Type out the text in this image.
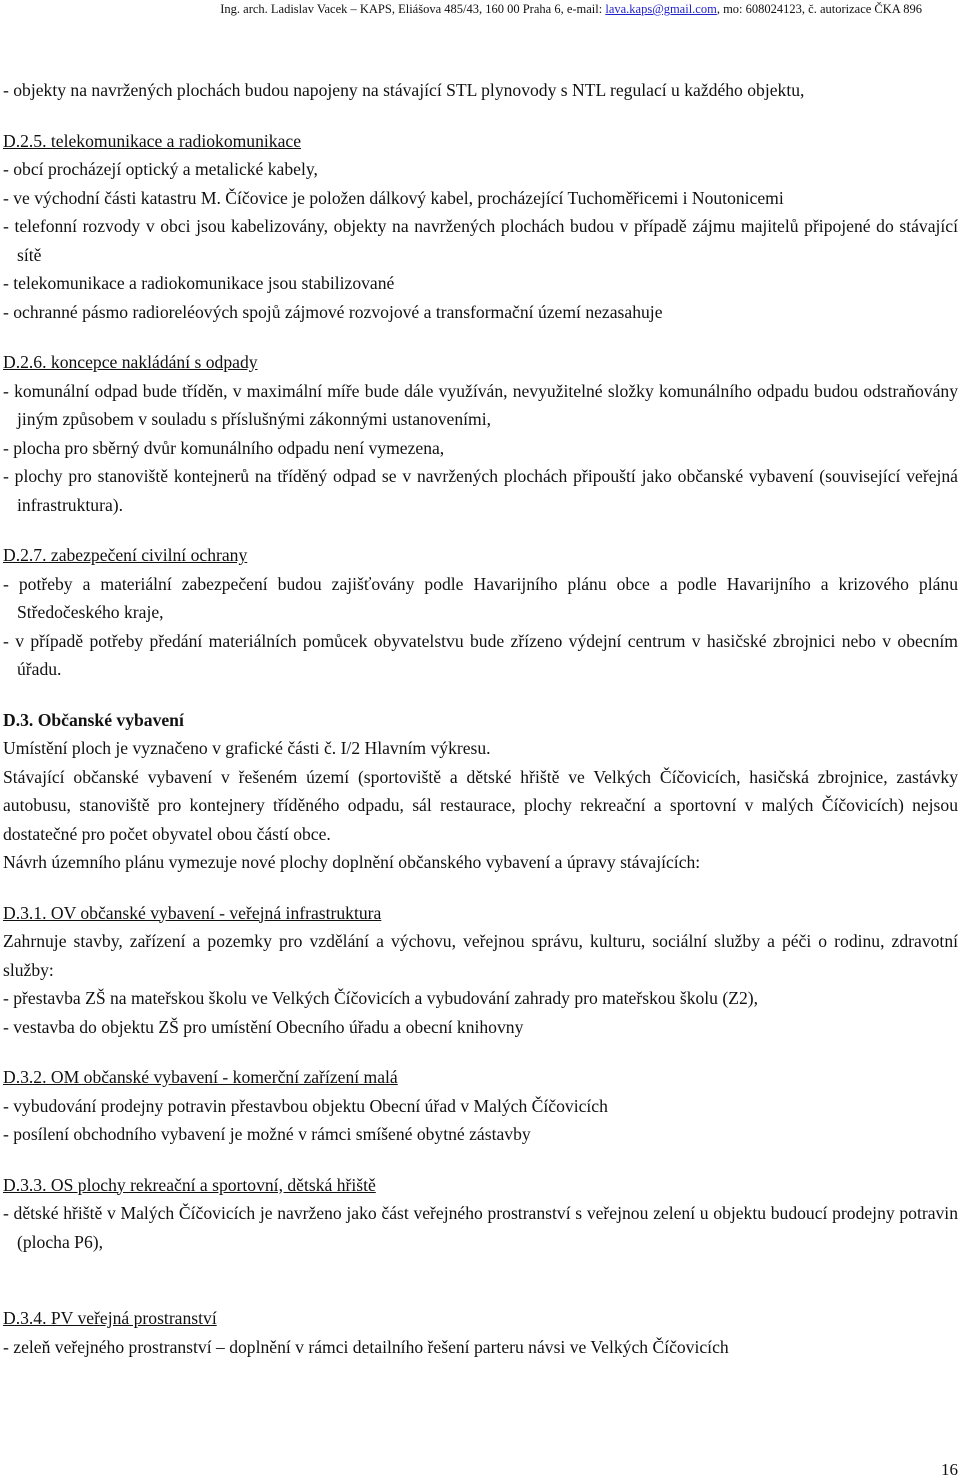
Ing. arch. Ladislav Vacek – KAPS, Eliášova 485/43, 160 00 Praha 6, e-mail: lava.kaps@gmail.com, mo: 608024123, č. autorizace ČKA 896

- objekty na navržených plochách budou napojeny na stávající STL plynovody s NTL regulací u každého objektu,

D.2.5. telekomunikace a radiokomunikace

- obcí procházejí optický a metalické kabely,

- ve východní části katastru M. Číčovice je položen dálkový kabel, procházející Tuchoměřicemi i Noutonicemi

- telefonní rozvody v obci jsou kabelizovány, objekty na navržených plochách budou v případě zájmu majitelů připojené do stávající sítě

- telekomunikace a radiokomunikace jsou stabilizované

- ochranné pásmo radioreléových spojů zájmové rozvojové a transformační území nezasahuje

D.2.6. koncepce nakládání s odpady

- komunální odpad bude tříděn, v maximální míře bude dále využíván, nevyužitelné složky komunálního odpadu budou odstraňovány jiným způsobem v souladu s příslušnými zákonnými ustanoveními,

- plocha pro sběrný dvůr komunálního odpadu není vymezena,

- plochy pro stanoviště kontejnerů na tříděný odpad se v navržených plochách připouští jako občanské vybavení (související veřejná infrastruktura).

D.2.7. zabezpečení civilní ochrany

- potřeby a materiální zabezpečení budou zajišťovány podle Havarijního plánu obce a podle Havarijního a krizového plánu Středočeského kraje,

- v případě potřeby předání materiálních pomůcek obyvatelstvu bude zřízeno výdejní centrum v hasičské zbrojnici nebo v obecním úřadu.

D.3. Občanské vybavení

Umístění ploch je vyznačeno v grafické části č. I/2 Hlavním výkresu.

Stávající občanské vybavení v řešeném území (sportoviště a dětské hřiště ve Velkých Číčovicích, hasičská zbrojnice, zastávky autobusu, stanoviště pro kontejnery tříděného odpadu, sál restaurace, plochy rekreační a sportovní v malých Číčovicích) nejsou dostatečné pro počet obyvatel obou částí obce.

Návrh územního plánu vymezuje nové plochy doplnění občanského vybavení a úpravy stávajících:

D.3.1. OV občanské vybavení - veřejná infrastruktura

Zahrnuje stavby, zařízení a pozemky pro vzdělání a výchovu, veřejnou správu, kulturu, sociální služby a péči o rodinu, zdravotní služby:

- přestavba ZŠ na mateřskou školu ve Velkých Číčovicích a vybudování zahrady pro mateřskou školu (Z2),

- vestavba do objektu ZŠ pro umístění Obecního úřadu a obecní knihovny

D.3.2. OM občanské vybavení - komerční zařízení malá

- vybudování prodejny potravin přestavbou objektu Obecní úřad v Malých Číčovicích

- posílení obchodního vybavení je možné v rámci smíšené obytné zástavby

D.3.3. OS plochy rekreační a sportovní, dětská hřiště

- dětské hřiště v Malých Číčovicích je navrženo jako část veřejného prostranství s veřejnou zelení u objektu budoucí prodejny potravin (plocha P6),

D.3.4. PV veřejná prostranství

- zeleň veřejného prostranství – doplnění v rámci detailního řešení parteru návsi ve Velkých Číčovicích

16
